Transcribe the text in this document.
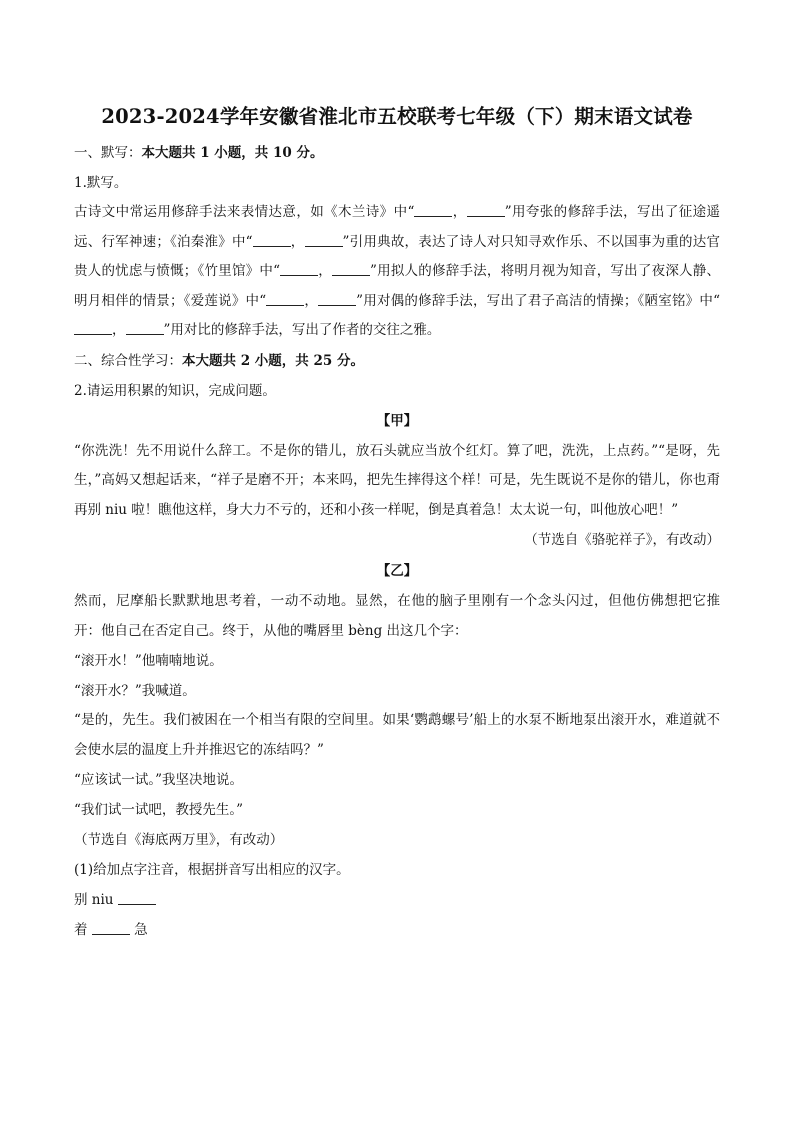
2023-2024学年安徽省淮北市五校联考七年级（下）期末语文试卷
一、默写：本大题共 1 小题，共 10 分。

1.默写。

古诗文中常运用修辞手法来表情达意，如《木兰诗》中“	，	”用夸张的修辞手法，写出了征途遥远、行军神速；《泊秦淮》中“	，	”引用典故，表达了诗人对只知寻欢作乐、不以国事为重的达官贵人的忧虑与愤慨；《竹里馆》中“	，	”用拟人的修辞手法，将明月视为知音，写出了夜深人静、明月相伴的情景；《爱莲说》中“	，	”用对偶的修辞手法，写出了君子高洁的情操；《陋室铭》中“，	”用对比的修辞手法，写出了作者的交往之雅。

二、综合性学习：本大题共 2 小题，共 25 分。

2.请运用积累的知识，完成问题。

【甲】

“你洗洗！先不用说什么辞工。不是你的错儿，放石头就应当放个红灯。算了吧，洗洗，上点药。”“是呀，先生，”高妈又想起话来，“祥子是磨不开；本来吗，把先生摔得这个样！可是，先生既说不是你的错儿，你也甭再别 niu 啦！瞧他这样，身大力不亏的，还和小孩一样呢，倒是真着急！太太说一句，叫他放心吧！”

（节选自《骆驼祥子》，有改动）
【乙】

然而，尼摩船长默默地思考着，一动不动地。显然，在他的脑子里刚有一个念头闪过，但他仿佛想把它推开：他自己在否定自己。终于，从他的嘴唇里 bèng 出这几个字：

“滚开水！”他喃喃地说。

“滚开水？”我喊道。

“是的，先生。我们被困在一个相当有限的空间里。如果‘鹦鹉螺号’船上的水泵不断地泵出滚开水，难道就不会使水层的温度上升并推迟它的冻结吗？”

“应该试一试。”我坚决地说。

“我们试一试吧，教授先生。”

（节选自《海底两万里》，有改动）

(1)给加点字注音，根据拼音写出相应的汉字。

别 niu

着	急
